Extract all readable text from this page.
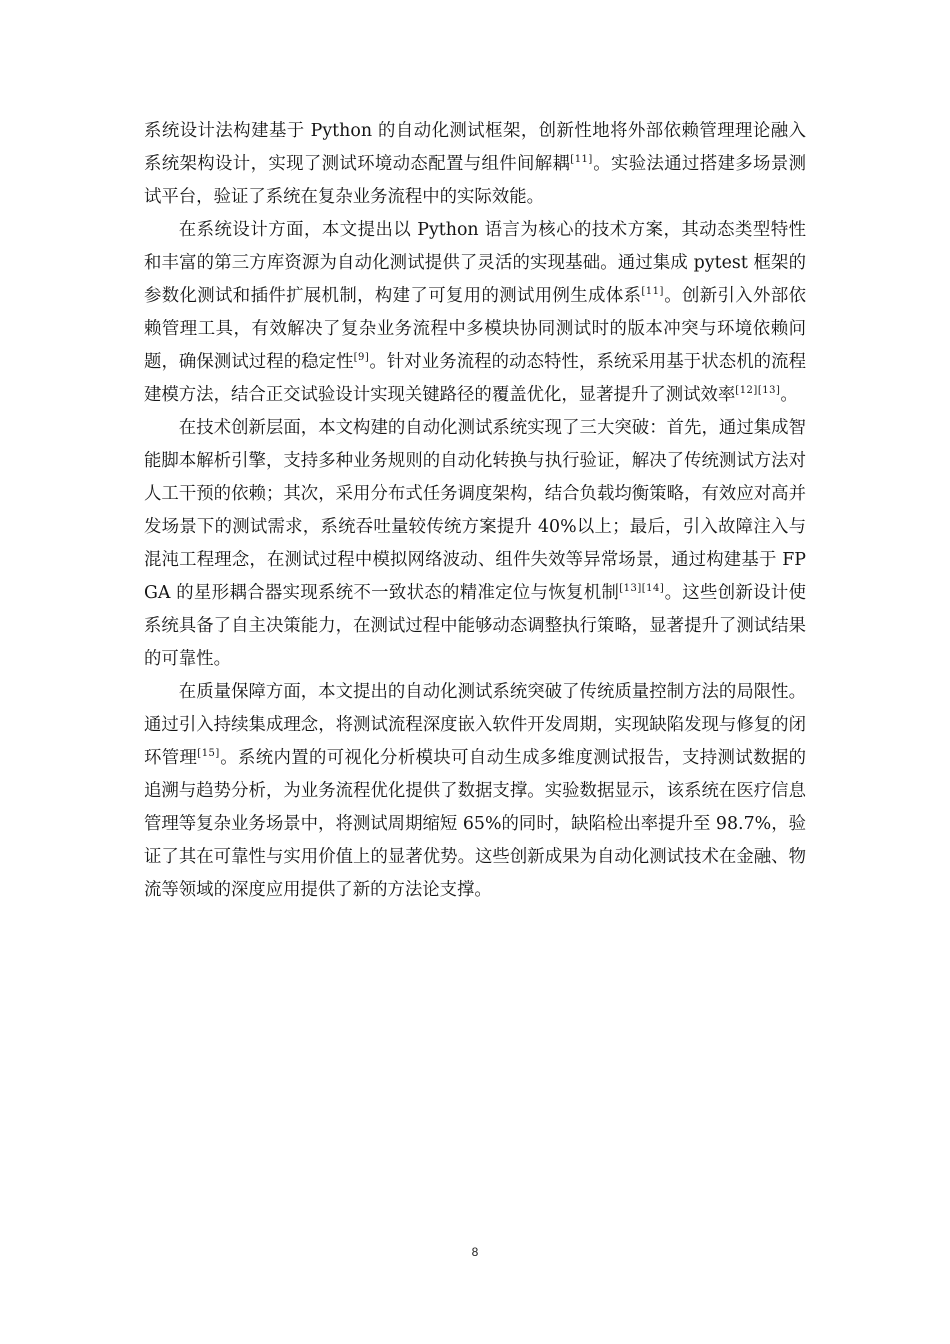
系统设计法构建基于 Python 的自动化测试框架，创新性地将外部依赖管理理论融入系统架构设计，实现了测试环境动态配置与组件间解耦[11]。实验法通过搭建多场景测试平台，验证了系统在复杂业务流程中的实际效能。

在系统设计方面，本文提出以 Python 语言为核心的技术方案，其动态类型特性和丰富的第三方库资源为自动化测试提供了灵活的实现基础。通过集成 pytest 框架的参数化测试和插件扩展机制，构建了可复用的测试用例生成体系[11]。创新引入外部依赖管理工具，有效解决了复杂业务流程中多模块协同测试时的版本冲突与环境依赖问题，确保测试过程的稳定性[9]。针对业务流程的动态特性，系统采用基于状态机的流程建模方法，结合正交试验设计实现关键路径的覆盖优化，显著提升了测试效率[12][13]。

在技术创新层面，本文构建的自动化测试系统实现了三大突破：首先，通过集成智能脚本解析引擎，支持多种业务规则的自动化转换与执行验证，解决了传统测试方法对人工干预的依赖；其次，采用分布式任务调度架构，结合负载均衡策略，有效应对高并发场景下的测试需求，系统吞吐量较传统方案提升 40%以上；最后，引入故障注入与混沌工程理念，在测试过程中模拟网络波动、组件失效等异常场景，通过构建基于 FPGA 的星形耦合器实现系统不一致状态的精准定位与恢复机制[13][14]。这些创新设计使系统具备了自主决策能力，在测试过程中能够动态调整执行策略，显著提升了测试结果的可靠性。

在质量保障方面，本文提出的自动化测试系统突破了传统质量控制方法的局限性。通过引入持续集成理念，将测试流程深度嵌入软件开发周期，实现缺陷发现与修复的闭环管理[15]。系统内置的可视化分析模块可自动生成多维度测试报告，支持测试数据的追溯与趋势分析，为业务流程优化提供了数据支撑。实验数据显示，该系统在医疗信息管理等复杂业务场景中，将测试周期缩短 65%的同时，缺陷检出率提升至 98.7%，验证了其在可靠性与实用价值上的显著优势。这些创新成果为自动化测试技术在金融、物流等领域的深度应用提供了新的方法论支撑。

8
